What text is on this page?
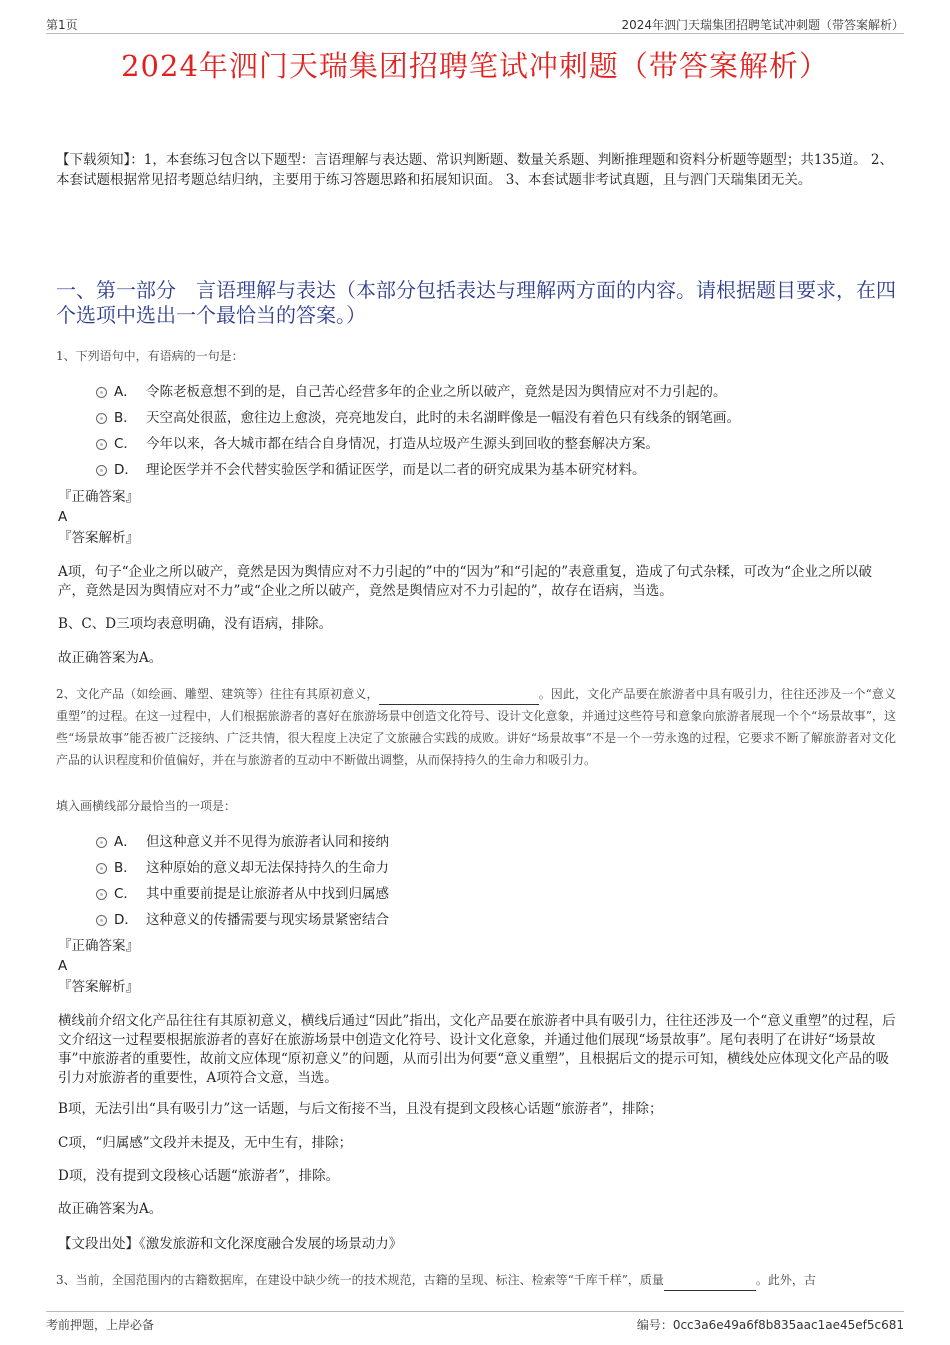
第1页	2024年泗门天瑞集团招聘笔试冲刺题（带答案解析）
2024年泗门天瑞集团招聘笔试冲刺题（带答案解析）
【下载须知】：1，本套练习包含以下题型：言语理解与表达题、常识判断题、数量关系题、判断推理题和资料分析题等题型；共135道。 2、本套试题根据常见招考题总结归纳，主要用于练习答题思路和拓展知识面。 3、本套试题非考试真题，且与泗门天瑞集团无关。
一、第一部分　言语理解与表达（本部分包括表达与理解两方面的内容。请根据题目要求，在四个选项中选出一个最恰当的答案。）
1、下列语句中，有语病的一句是：
A． 令陈老板意想不到的是，自己苦心经营多年的企业之所以破产，竟然是因为舆情应对不力引起的。
B． 天空高处很蓝，愈往边上愈淡，亮亮地发白，此时的未名湖畔像是一幅没有着色只有线条的钢笔画。
C． 今年以来，各大城市都在结合自身情况，打造从垃圾产生源头到回收的整套解决方案。
D． 理论医学并不会代替实验医学和循证医学，而是以二者的研究成果为基本研究材料。
『正确答案』
A
『答案解析』
A项，句子“企业之所以破产，竟然是因为舆情应对不力引起的”中的“因为”和“引起的”表意重复，造成了句式杂糅，可改为“企业之所以破产，竟然是因为舆情应对不力”或“企业之所以破产，竟然是舆情应对不力引起的”，故存在语病，当选。
B、C、D三项均表意明确，没有语病，排除。
故正确答案为A。
2、文化产品（如绘画、雕塑、建筑等）往往有其原初意义，	。因此，文化产品要在旅游者中具有吸引力，往往还涉及一个“意义重塑”的过程。在这一过程中，人们根据旅游者的喜好在旅游场景中创造文化符号、设计文化意象，并通过这些符号和意象向旅游者展现一个个“场景故事”，这些“场景故事”能否被广泛接纳、广泛共情，很大程度上决定了文旅融合实践的成败。讲好“场景故事”不是一个一劳永逸的过程，它要求不断了解旅游者对文化产品的认识程度和价值偏好，并在与旅游者的互动中不断做出调整，从而保持持久的生命力和吸引力。
填入画横线部分最恰当的一项是：
A． 但这种意义并不见得为旅游者认同和接纳
B． 这种原始的意义却无法保持持久的生命力
C． 其中重要前提是让旅游者从中找到归属感
D． 这种意义的传播需要与现实场景紧密结合
『正确答案』
A
『答案解析』
横线前介绍文化产品往往有其原初意义，横线后通过“因此”指出，文化产品要在旅游者中具有吸引力，往往还涉及一个“意义重塑”的过程，后文介绍这一过程要根据旅游者的喜好在旅游场景中创造文化符号、设计文化意象，并通过他们展现“场景故事”。尾句表明了在讲好“场景故事”中旅游者的重要性，故前文应体现“原初意义”的问题，从而引出为何要“意义重塑”，且根据后文的提示可知，横线处应体现文化产品的吸引力对旅游者的重要性，A项符合文意，当选。
B项，无法引出“具有吸引力”这一话题，与后文衔接不当，且没有提到文段核心话题“旅游者”，排除；
C项，“归属感”文段并未提及，无中生有，排除；
D项，没有提到文段核心话题“旅游者”，排除。
故正确答案为A。
【文段出处】《激发旅游和文化深度融合发展的场景动力》
3、当前，全国范围内的古籍数据库，在建设中缺少统一的技术规范，古籍的呈现、标注、检索等“千库千样”，质量	。此外，古
考前押题，上岸必备	编号：0cc3a6e49a6f8b835aac1ae45ef5c681
